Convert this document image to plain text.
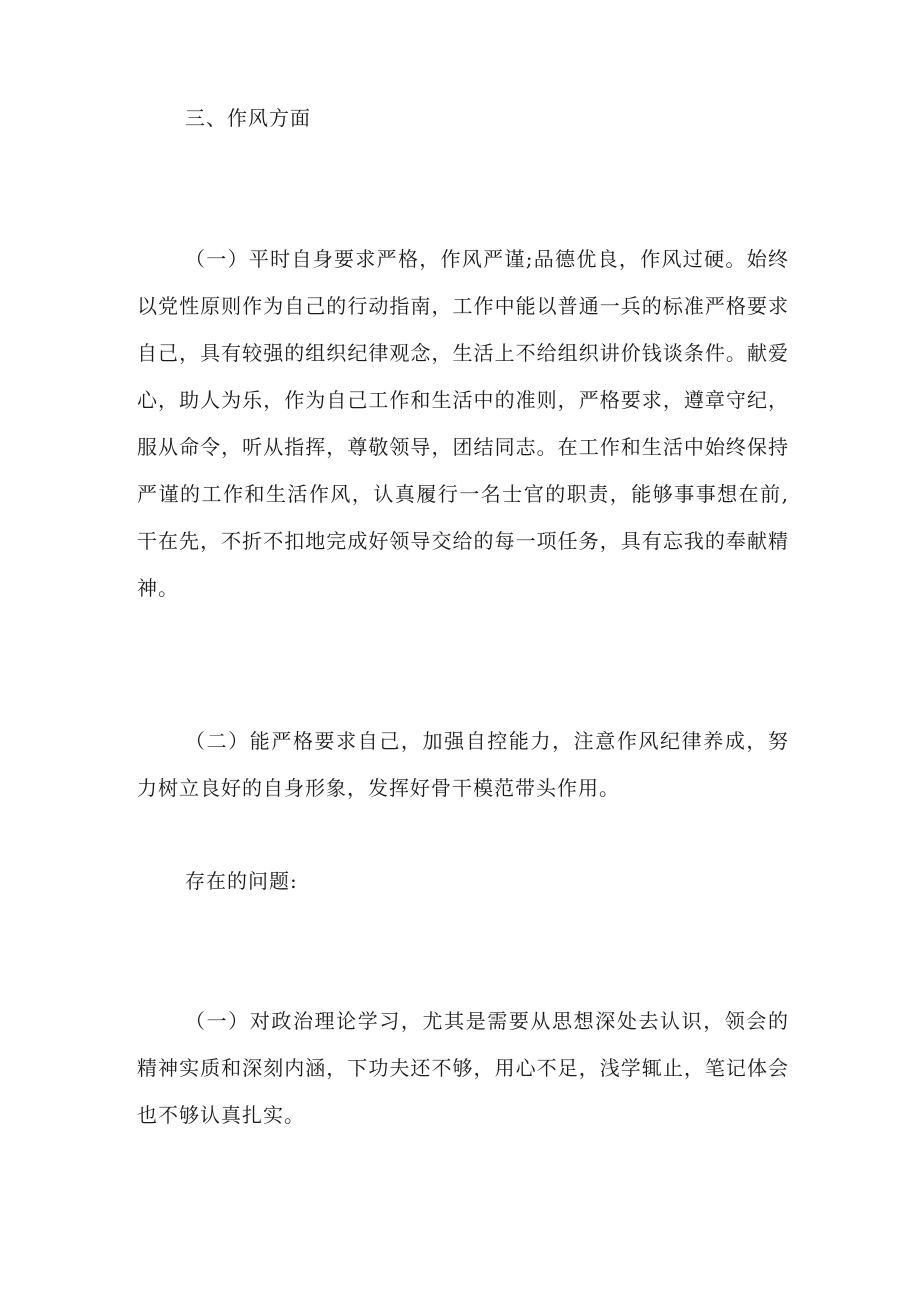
三、作风方面

（一）平时自身要求严格，作风严谨;品德优良，作风过硬。始终以党性原则作为自己的行动指南，工作中能以普通一兵的标准严格要求自己，具有较强的组织纪律观念，生活上不给组织讲价钱谈条件。献爱心，助人为乐，作为自己工作和生活中的准则，严格要求，遵章守纪，服从命令，听从指挥，尊敬领导，团结同志。在工作和生活中始终保持严谨的工作和生活作风，认真履行一名士官的职责，能够事事想在前,干在先，不折不扣地完成好领导交给的每一项任务，具有忘我的奉献精神。

（二）能严格要求自己，加强自控能力，注意作风纪律养成，努力树立良好的自身形象，发挥好骨干模范带头作用。

存在的问题:

（一）对政治理论学习，尤其是需要从思想深处去认识，领会的精神实质和深刻内涵，下功夫还不够，用心不足，浅学辄止，笔记体会也不够认真扎实。
